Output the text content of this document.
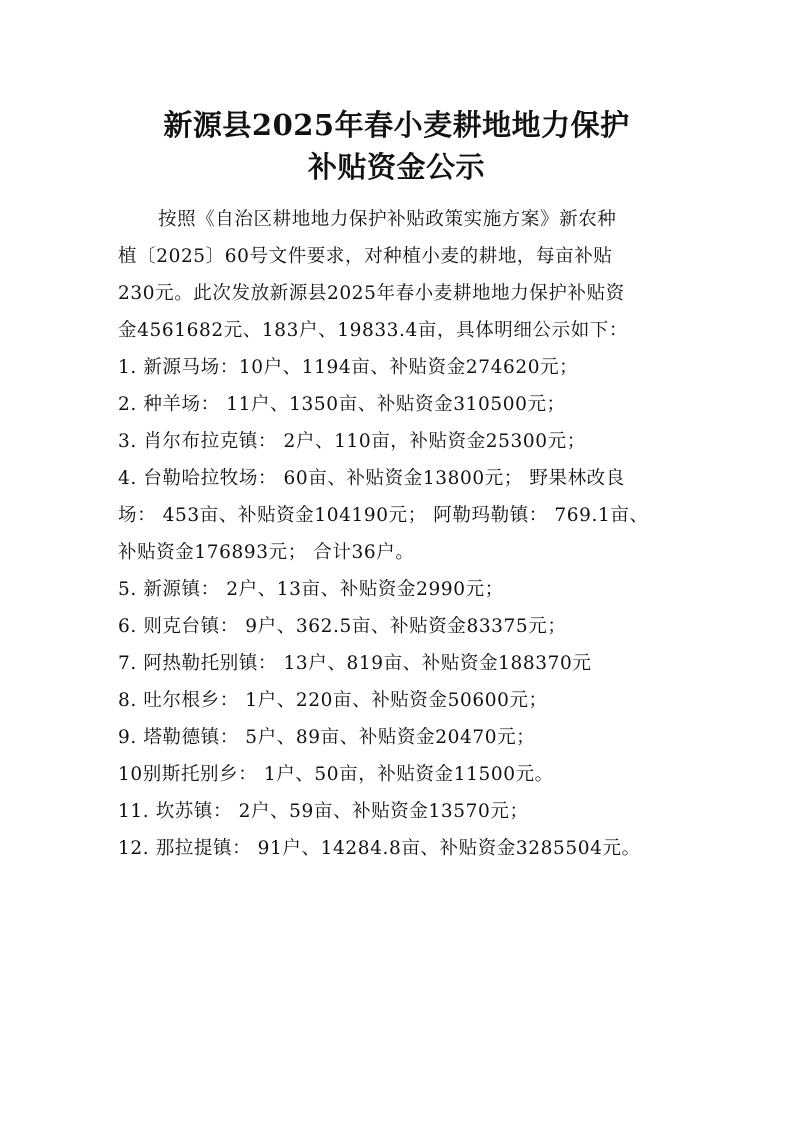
新源县2025年春小麦耕地地力保护
补贴资金公示
按照《自治区耕地地力保护补贴政策实施方案》新农种
植〔2025〕60号文件要求，对种植小麦的耕地，每亩补贴
230元。此次发放新源县2025年春小麦耕地地力保护补贴资
金4561682元、183户、19833.4亩，具体明细公示如下：
1. 新源马场：10户、1194亩、补贴资金274620元；
2. 种羊场： 11户、1350亩、补贴资金310500元；
3. 肖尔布拉克镇： 2户、110亩，补贴资金25300元；
4. 台勒哈拉牧场： 60亩、补贴资金13800元； 野果林改良
场： 453亩、补贴资金104190元； 阿勒玛勒镇： 769.1亩、
补贴资金176893元； 合计36户。
5. 新源镇： 2户、13亩、补贴资金2990元；
6. 则克台镇： 9户、362.5亩、补贴资金83375元；
7. 阿热勒托别镇： 13户、819亩、补贴资金188370元
8. 吐尔根乡： 1户、220亩、补贴资金50600元；
9. 塔勒德镇： 5户、89亩、补贴资金20470元；
10别斯托别乡： 1户、50亩，补贴资金11500元。
11. 坎苏镇： 2户、59亩、补贴资金13570元；
12. 那拉提镇： 91户、14284.8亩、补贴资金3285504元。
